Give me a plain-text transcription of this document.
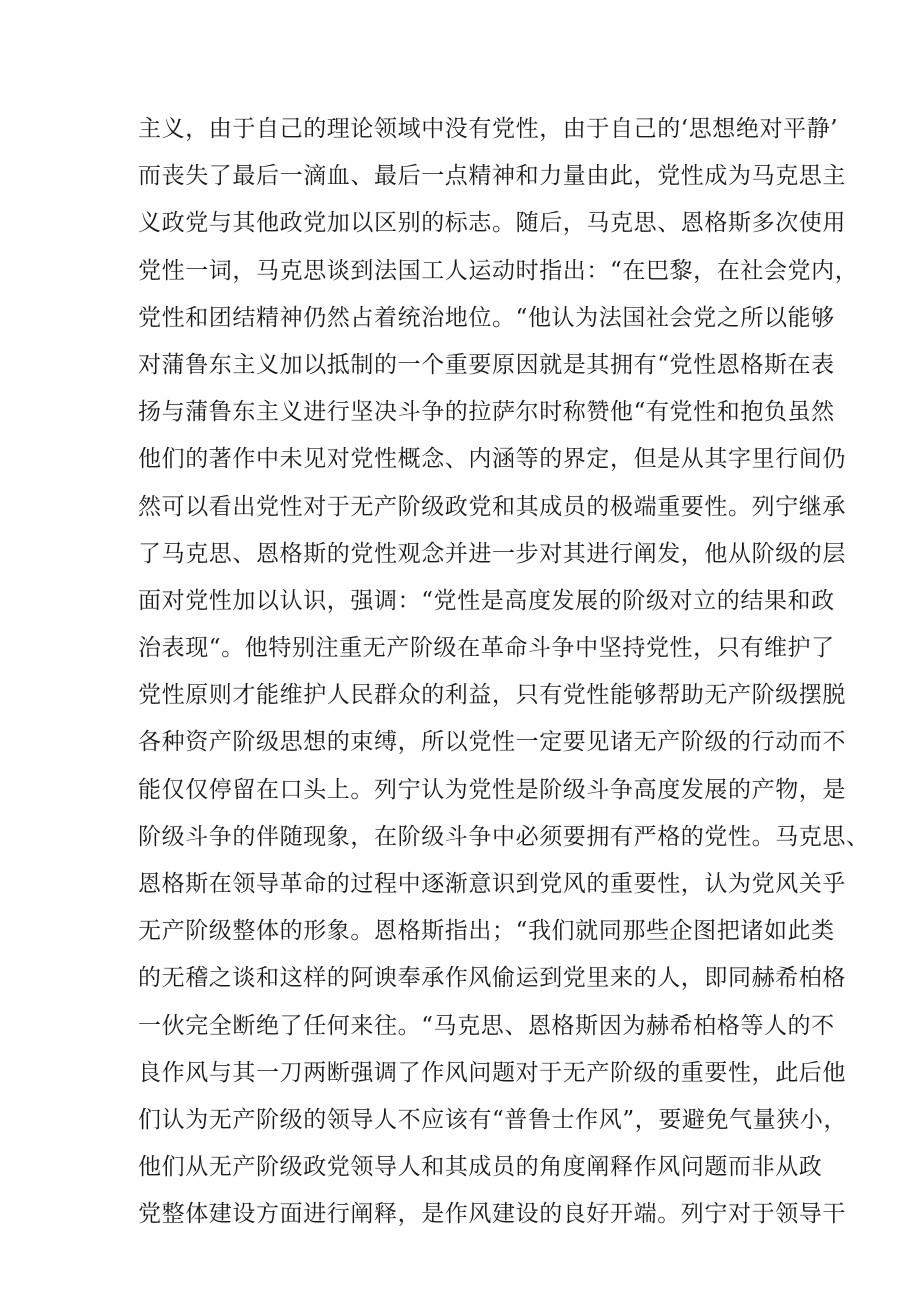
主义，由于自己的理论领域中没有党性，由于自己的‘思想绝对平静’
而丧失了最后一滴血、最后一点精神和力量由此，党性成为马克思主
义政党与其他政党加以区别的标志。随后，马克思、恩格斯多次使用
党性一词，马克思谈到法国工人运动时指出：“在巴黎，在社会党内，
党性和团结精神仍然占着统治地位。“他认为法国社会党之所以能够
对蒲鲁东主义加以抵制的一个重要原因就是其拥有“党性恩格斯在表
扬与蒲鲁东主义进行坚决斗争的拉萨尔时称赞他“有党性和抱负虽然
他们的著作中未见对党性概念、内涵等的界定，但是从其字里行间仍
然可以看出党性对于无产阶级政党和其成员的极端重要性。列宁继承
了马克思、恩格斯的党性观念并进一步对其进行阐发，他从阶级的层
面对党性加以认识，强调：“党性是高度发展的阶级对立的结果和政
治表现“。他特别注重无产阶级在革命斗争中坚持党性，只有维护了
党性原则才能维护人民群众的利益，只有党性能够帮助无产阶级摆脱
各种资产阶级思想的束缚，所以党性一定要见诸无产阶级的行动而不
能仅仅停留在口头上。列宁认为党性是阶级斗争高度发展的产物，是
阶级斗争的伴随现象，在阶级斗争中必须要拥有严格的党性。马克思、
恩格斯在领导革命的过程中逐渐意识到党风的重要性，认为党风关乎
无产阶级整体的形象。恩格斯指出；“我们就同那些企图把诸如此类
的无稽之谈和这样的阿谀奉承作风偷运到党里来的人，即同赫希柏格
一伙完全断绝了任何来往。“马克思、恩格斯因为赫希柏格等人的不
良作风与其一刀两断强调了作风问题对于无产阶级的重要性，此后他
们认为无产阶级的领导人不应该有“普鲁士作风”，要避免气量狭小，
他们从无产阶级政党领导人和其成员的角度阐释作风问题而非从政
党整体建设方面进行阐释，是作风建设的良好开端。列宁对于领导干
